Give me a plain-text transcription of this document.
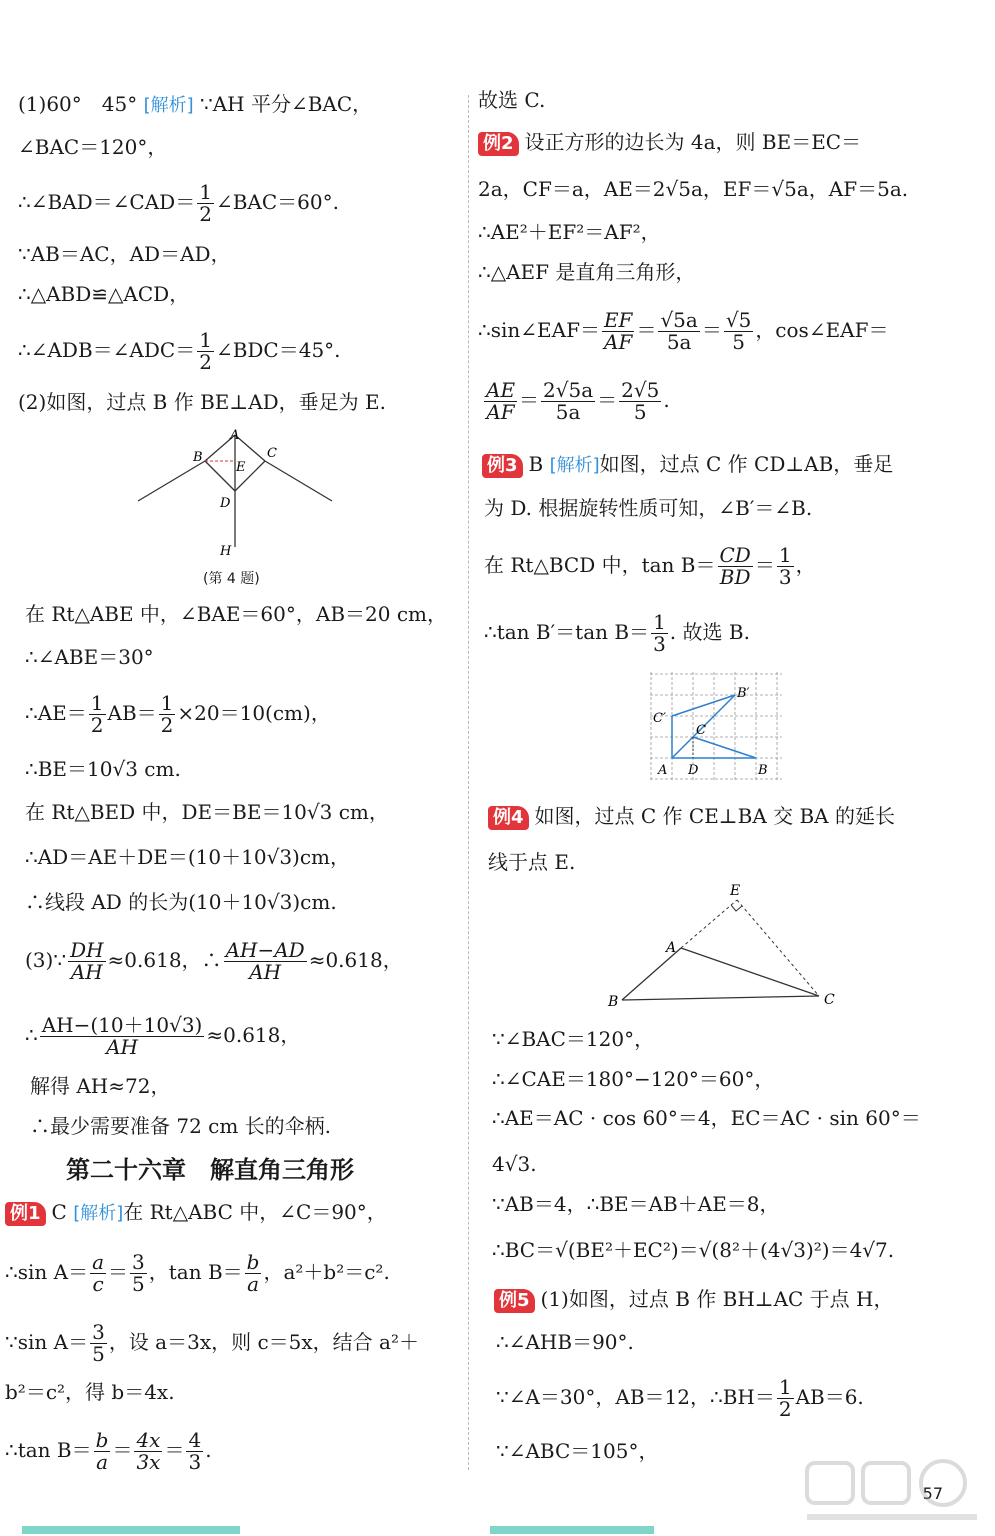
(1)60°　45° [解析] ∵AH 平分∠BAC，
∠BAC＝120°，
∴∠BAD＝∠CAD＝ $\frac{1}{2}$ ∠BAC＝60°.
∵AB＝AC，AD＝AD，
∴△ABD≌△ACD，
∴∠ADB＝∠ADC＝ $\frac{1}{2}$ ∠BDC＝45°.
(2)如图，过点 B 作 BE⊥AD，垂足为 E.
A
B	C
E
D
H
(第 4 题)
在 Rt△ABE 中，∠BAE＝60°，AB＝20 cm，
∴∠ABE＝30°
∴AE＝ $\frac{1}{2} AB= \frac{1}{2} \times 20=10(cm)$，
∴BE＝10√3 cm.
在 Rt△BED 中，DE＝BE＝10√3 cm，
∴AD＝AE＋DE＝(10＋10√3)cm，
∴线段 AD 的长为(10＋10√3)cm.
(3)∵ $\frac{DH}{AH} \approx 0.618$，∴ $\frac{AH-AD}{AH} \approx 0.618$，
∴ $\frac{AH-(10+10√3)}{AH} \approx 0.618$，
解得 AH≈72，
∴最少需要准备 72 cm 长的伞柄.
第二十六章　解直角三角形
例1 C [解析]在 Rt△ABC 中，∠C＝90°，
∴sin $A= \frac{a}{c} = \frac{3}{5}$ ，$\tan B= \frac{b}{a}$ ，a²＋b²＝c².
∵sin $A= \frac{3}{5}$ ，设 a＝3x，则 c＝5x，结合 a²＋
b²＝c²，得 b＝4x.
∴tan $B= \frac{b}{a} = \frac{4x}{3x} = \frac{4}{3}$ .
故选 C.
例2 设正方形的边长为 4a，则 BE＝EC＝
2a，CF＝a，AE＝2√5a，EF＝√5a，AF＝5a.
∴AE²＋EF²＝AF²，
∴△AEF 是直角三角形，
∴sin∠EAF＝ $\frac{EF}{AF} = \frac{√5a}{5a} = \frac{√5}{5}$ ，cos∠EAF＝
$\frac{AE}{AF} = \frac{2√5a}{5a} = \frac{2√5}{5}$ .
例3 B [解析]如图，过点 C 作 CD⊥AB，垂足
为 D. 根据旋转性质可知，∠B′＝∠B.
在 Rt△BCD 中，$\tan B= \frac{CD}{BD} = \frac{1}{3}$ ，
∴tan B′＝tan $B= \frac{1}{3}$ . 故选 B.
B′
C′
C
A D	B
例4 如图，过点 C 作 CE⊥BA 交 BA 的延长
线于点 E.
E
A
B	C
∵∠BAC＝120°，
∴∠CAE＝180°−120°＝60°，
∴AE＝AC · cos 60°＝4，EC＝AC · sin 60°＝
4√3.
∵AB＝4，∴BE＝AB＋AE＝8，
∴BC＝√(BE²＋EC²)＝√(8²＋(4√3)²)＝4√7.
例5 (1)如图，过点 B 作 BH⊥AC 于点 H，
∴∠AHB＝90°.
∵∠A＝30°，AB＝12，∴BH＝ $\frac{1}{2} AB=6$.
∵∠ABC＝105°，
57
